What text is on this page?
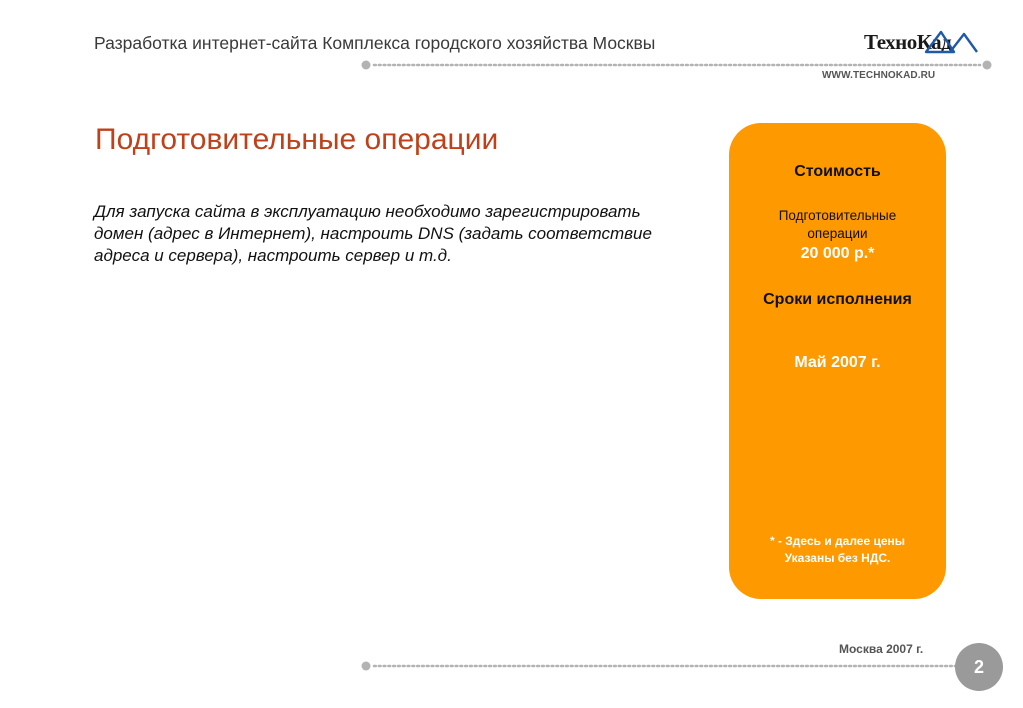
Разработка интернет-сайта Комплекса городского хозяйства Москвы	ТехноКад
WWW.TECHNOKAD.RU
Подготовительные операции
Для запуска сайта в эксплуатацию необходимо зарегистрировать домен (адрес в Интернет), настроить DNS (задать соответствие адреса и сервера), настроить сервер и т.д.
Стоимость
Подготовительные операции
20 000 р.*
Сроки исполнения
Май 2007 г.
* - Здесь и далее цены Указаны без НДС.
Москва 2007 г.
2
